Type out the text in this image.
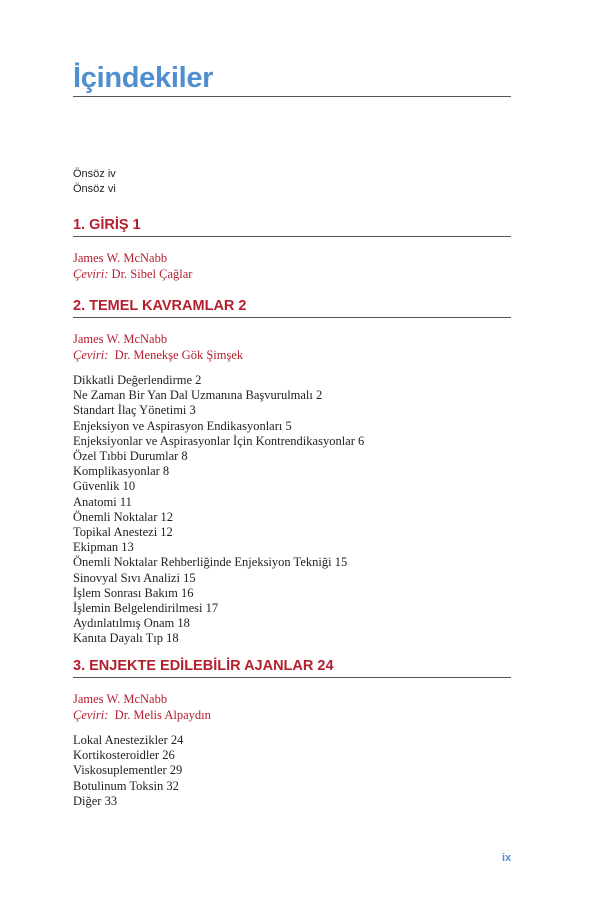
İçindekiler
Önsöz iv
Önsöz vi
1. GİRİŞ 1
James W. McNabb
Çeviri: Dr. Sibel Çağlar
2. TEMEL KAVRAMLAR 2
James W. McNabb
Çeviri:  Dr. Menekşe Gök Şimşek
Dikkatli Değerlendirme 2
Ne Zaman Bir Yan Dal Uzmanına Başvurulmalı 2
Standart İlaç Yönetimi 3
Enjeksiyon ve Aspirasyon Endikasyonları 5
Enjeksiyonlar ve Aspirasyonlar İçin Kontrendikasyonlar 6
Özel Tıbbi Durumlar 8
Komplikasyonlar 8
Güvenlik 10
Anatomi 11
Önemli Noktalar 12
Topikal Anestezi 12
Ekipman 13
Önemli Noktalar Rehberliğinde Enjeksiyon Tekniği 15
Sinovyal Sıvı Analizi 15
İşlem Sonrası Bakım 16
İşlemin Belgelendirilmesi 17
Aydınlatılmış Onam 18
Kanıta Dayalı Tıp 18
3. ENJEKTE EDİLEBİLİR AJANLAR 24
James W. McNabb
Çeviri:  Dr. Melis Alpaydın
Lokal Anestezikler 24
Kortikosteroidler 26
Viskosuplementler 29
Botulinum Toksin 32
Diğer 33
ix
